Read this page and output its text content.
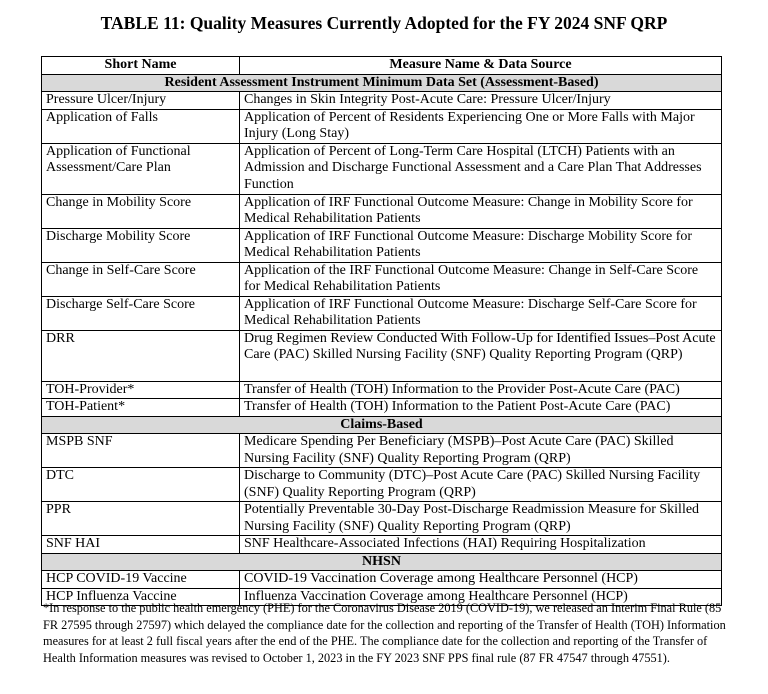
TABLE 11: Quality Measures Currently Adopted for the FY 2024 SNF QRP
Short Name	Measure Name & Data Source
Resident Assessment Instrument Minimum Data Set (Assessment-Based)	
Pressure Ulcer/Injury	Changes in Skin Integrity Post-Acute Care: Pressure Ulcer/Injury
Application of Falls	Application of Percent of Residents Experiencing One or More Falls with Major Injury (Long Stay)
Application of Functional Assessment/Care Plan	Application of Percent of Long-Term Care Hospital (LTCH) Patients with an Admission and Discharge Functional Assessment and a Care Plan That Addresses Function
Change in Mobility Score	Application of IRF Functional Outcome Measure: Change in Mobility Score for Medical Rehabilitation Patients
Discharge Mobility Score	Application of IRF Functional Outcome Measure: Discharge Mobility Score for Medical Rehabilitation Patients
Change in Self-Care Score	Application of the IRF Functional Outcome Measure: Change in Self-Care Score for Medical Rehabilitation Patients
Discharge Self-Care Score	Application of IRF Functional Outcome Measure: Discharge Self-Care Score for Medical Rehabilitation Patients
DRR	Drug Regimen Review Conducted With Follow-Up for Identified Issues–Post Acute Care (PAC) Skilled Nursing Facility (SNF) Quality Reporting Program (QRP)
TOH-Provider*	Transfer of Health (TOH) Information to the Provider Post-Acute Care (PAC)
TOH-Patient*	Transfer of Health (TOH) Information to the Patient Post-Acute Care (PAC)
Claims-Based	
MSPB SNF	Medicare Spending Per Beneficiary (MSPB)–Post Acute Care (PAC) Skilled Nursing Facility (SNF) Quality Reporting Program (QRP)
DTC	Discharge to Community (DTC)–Post Acute Care (PAC) Skilled Nursing Facility (SNF) Quality Reporting Program (QRP)
PPR	Potentially Preventable 30-Day Post-Discharge Readmission Measure for Skilled Nursing Facility (SNF) Quality Reporting Program (QRP)
SNF HAI	SNF Healthcare-Associated Infections (HAI) Requiring Hospitalization
NHSN	
HCP COVID-19 Vaccine	COVID-19 Vaccination Coverage among Healthcare Personnel (HCP)
HCP Influenza Vaccine	Influenza Vaccination Coverage among Healthcare Personnel (HCP)
*In response to the public health emergency (PHE) for the Coronavirus Disease 2019 (COVID-19), we released an Interim Final Rule (85 FR 27595 through 27597) which delayed the compliance date for the collection and reporting of the Transfer of Health (TOH) Information measures for at least 2 full fiscal years after the end of the PHE. The compliance date for the collection and reporting of the Transfer of Health Information measures was revised to October 1, 2023 in the FY 2023 SNF PPS final rule (87 FR 47547 through 47551).
